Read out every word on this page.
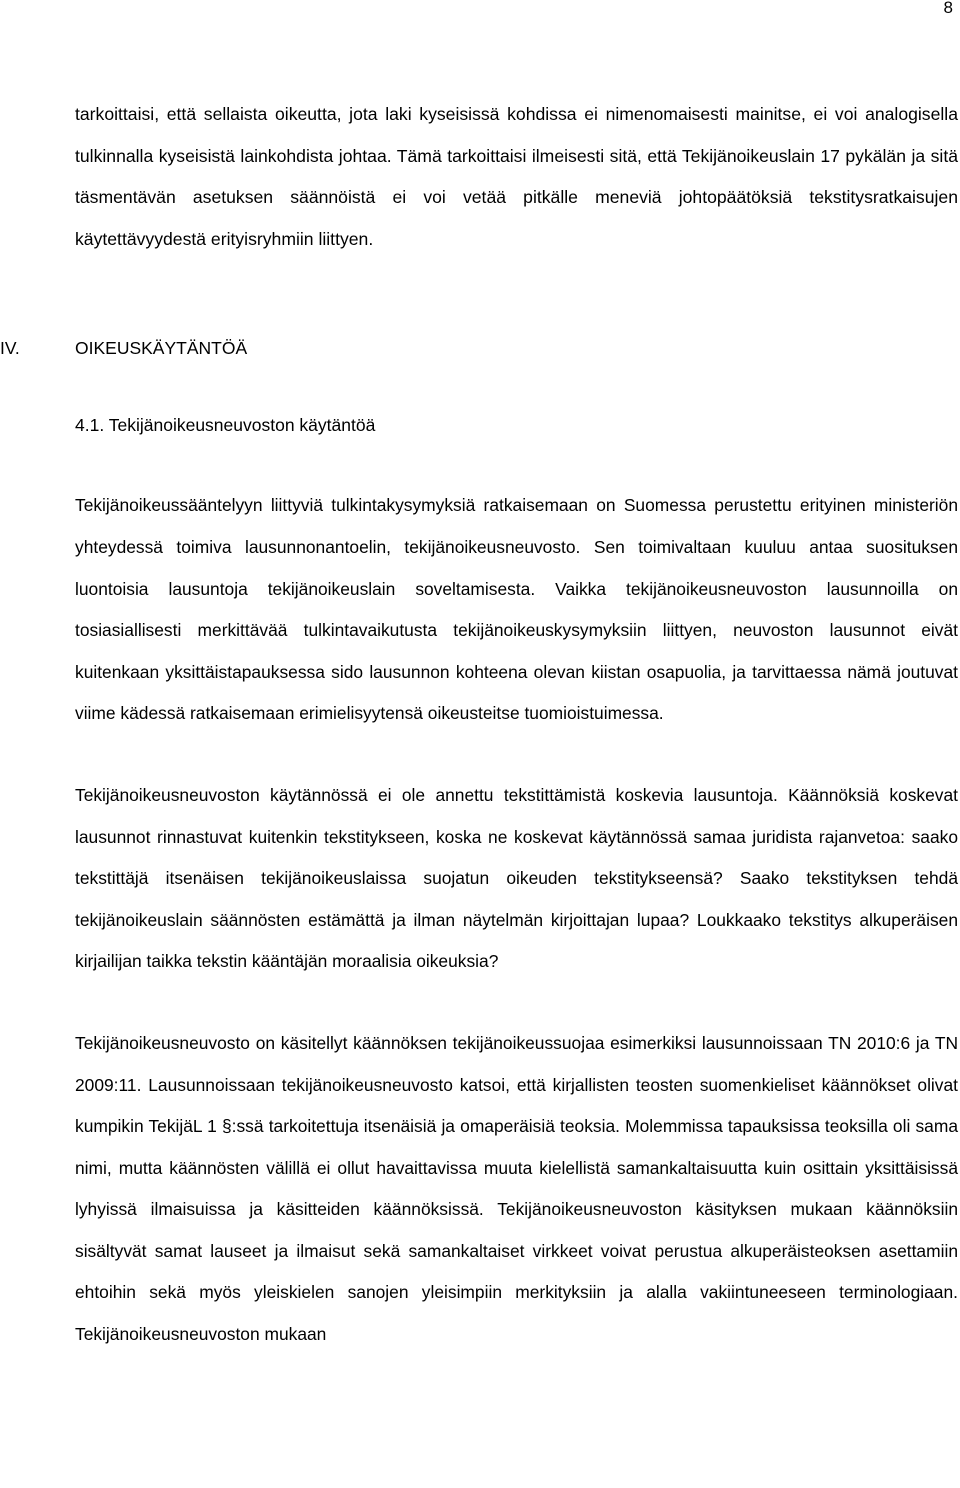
8

tarkoittaisi, että sellaista oikeutta, jota laki kyseisissä kohdissa ei nimenomaisesti mainitse, ei voi analogisella tulkinnalla kyseisistä lainkohdista johtaa. Tämä tarkoittaisi ilmeisesti sitä, että Tekijänoikeuslain 17 pykälän ja sitä täsmentävän asetuksen säännöistä ei voi vetää pitkälle meneviä johtopäätöksiä tekstitysratkaisujen käytettävyydestä erityisryhmiin liittyen.

IV.	OIKEUSKÄYTÄNTÖÄ
4.1. Tekijänoikeusneuvoston käytäntöä

Tekijänoikeussääntelyyn liittyviä tulkintakysymyksiä ratkaisemaan on Suomessa perustettu erityinen ministeriön yhteydessä toimiva lausunnonantoelin, tekijänoikeusneuvosto. Sen toimivaltaan kuuluu antaa suosituksen luontoisia lausuntoja tekijänoikeuslain soveltamisesta. Vaikka tekijänoikeusneuvoston lausunnoilla on tosiasiallisesti merkittävää tulkintavaikutusta tekijänoikeuskysymyksiin liittyen, neuvoston lausunnot eivät kuitenkaan yksittäistapauksessa sido lausunnon kohteena olevan kiistan osapuolia, ja tarvittaessa nämä joutuvat viime kädessä ratkaisemaan erimielisyytensä oikeusteitse tuomioistuimessa.

Tekijänoikeusneuvoston käytännössä ei ole annettu tekstittämistä koskevia lausuntoja. Käännöksiä koskevat lausunnot rinnastuvat kuitenkin tekstitykseen, koska ne koskevat käytännössä samaa juridista rajanvetoa: saako tekstittäjä itsenäisen tekijänoikeuslaissa suojatun oikeuden tekstitykseensä? Saako tekstityksen tehdä tekijänoikeuslain säännösten estämättä ja ilman näytelmän kirjoittajan lupaa? Loukkaako tekstitys alkuperäisen kirjailijan taikka tekstin kääntäjän moraalisia oikeuksia?

Tekijänoikeusneuvosto on käsitellyt käännöksen tekijänoikeussuojaa esimerkiksi lausunnoissaan TN 2010:6 ja TN 2009:11. Lausunnoissaan tekijänoikeusneuvosto katsoi, että kirjallisten teosten suomenkieliset käännökset olivat kumpikin TekijäL 1 §:ssä tarkoitettuja itsenäisiä ja omaperäisiä teoksia. Molemmissa tapauksissa teoksilla oli sama nimi, mutta käännösten välillä ei ollut havaittavissa muuta kielellistä samankaltaisuutta kuin osittain yksittäisissä lyhyissä ilmaisuissa ja käsitteiden käännöksissä. Tekijänoikeusneuvoston käsityksen mukaan käännöksiin sisältyvät samat lauseet ja ilmaisut sekä samankaltaiset virkkeet voivat perustua alkuperäisteoksen asettamiin ehtoihin sekä myös yleiskielen sanojen yleisimpiin merkityksiin ja alalla vakiintuneeseen terminologiaan. Tekijänoikeusneuvoston mukaan
